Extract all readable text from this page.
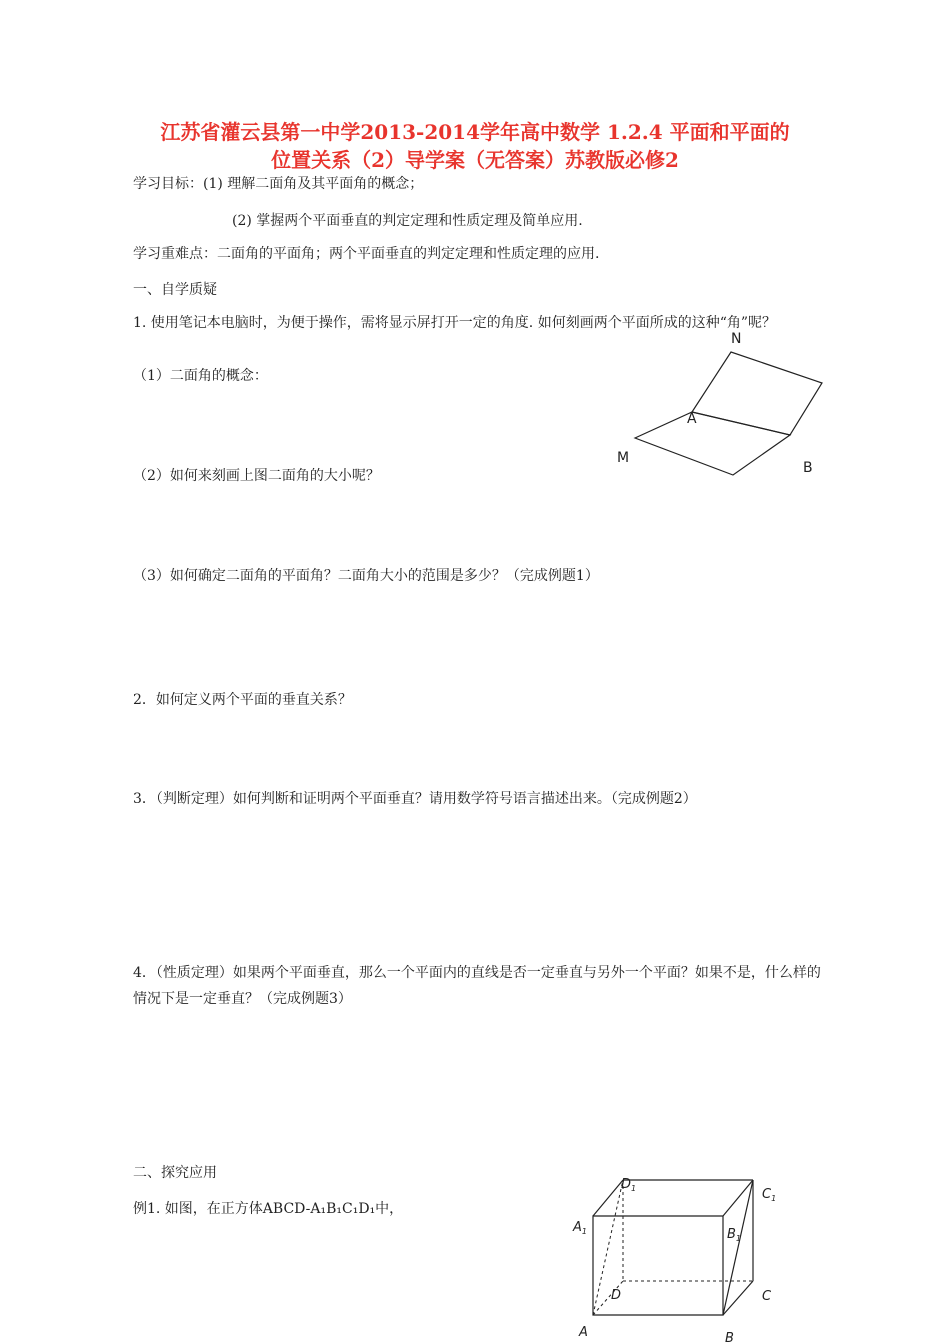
江苏省灌云县第一中学2013-2014学年高中数学 1.2.4 平面和平面的
位置关系（2）导学案（无答案）苏教版必修2
学习目标：(1) 理解二面角及其平面角的概念；
(2) 掌握两个平面垂直的判定定理和性质定理及简单应用.
学习重难点：二面角的平面角；两个平面垂直的判定定理和性质定理的应用.
一、自学质疑
1. 使用笔记本电脑时，为便于操作，需将显示屏打开一定的角度. 如何刻画两个平面所成的这种“角”呢？
（1）二面角的概念：
N
A
M
B
（2）如何来刻画上图二面角的大小呢？
（3）如何确定二面角的平面角？二面角大小的范围是多少？（完成例题1）
2．如何定义两个平面的垂直关系？
3．（判断定理）如何判断和证明两个平面垂直？请用数学符号语言描述出来。（完成例题2）
4．（性质定理）如果两个平面垂直，那么一个平面内的直线是否一定垂直与另外一个平面？如果不是，什么样的情况下是一定垂直？（完成例题3）
二、探究应用
例1. 如图，在正方体ABCD-A₁B₁C₁D₁中，
$D_1$	$C_1$
$A_1$	$B_1$
D	C
A	B
